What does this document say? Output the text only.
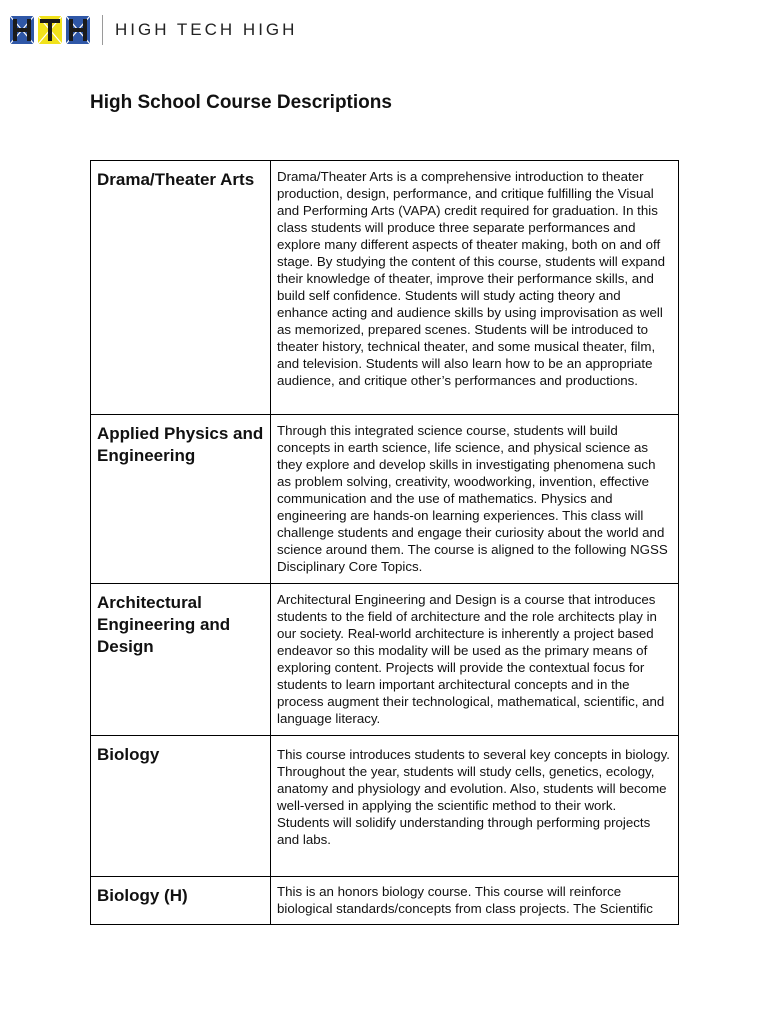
HIGH TECH HIGH
High School Course Descriptions
Drama/Theater Arts	Drama/Theater Arts is a comprehensive introduction to theater production, design, performance, and critique fulfilling the Visual and Performing Arts (VAPA) credit required for graduation. In this class students will produce three separate performances and explore many different aspects of theater making, both on and off stage. By studying the content of this course, students will expand their knowledge of theater, improve their performance skills, and build self confidence. Students will study acting theory and enhance acting and audience skills by using improvisation as well as memorized, prepared scenes. Students will be introduced to theater history, technical theater, and some musical theater, film, and television. Students will also learn how to be an appropriate audience, and critique other’s performances and productions.
Applied Physics and Engineering	Through this integrated science course, students will build concepts in earth science, life science, and physical science as they explore and develop skills in investigating phenomena such as problem solving, creativity, woodworking, invention, effective communication and the use of mathematics. Physics and engineering are hands-on learning experiences. This class will challenge students and engage their curiosity about the world and science around them. The course is aligned to the following NGSS Disciplinary Core Topics.
Architectural Engineering and Design	Architectural Engineering and Design is a course that introduces students to the field of architecture and the role architects play in our society. Real-world architecture is inherently a project based endeavor so this modality will be used as the primary means of exploring content. Projects will provide the contextual focus for students to learn important architectural concepts and in the process augment their technological, mathematical, scientific, and language literacy.
Biology	This course introduces students to several key concepts in biology. Throughout the year, students will study cells, genetics, ecology, anatomy and physiology and evolution. Also, students will become well-versed in applying the scientific method to their work. Students will solidify understanding through performing projects and labs.
Biology (H)	This is an honors biology course. This course will reinforce biological standards/concepts from class projects. The Scientific
